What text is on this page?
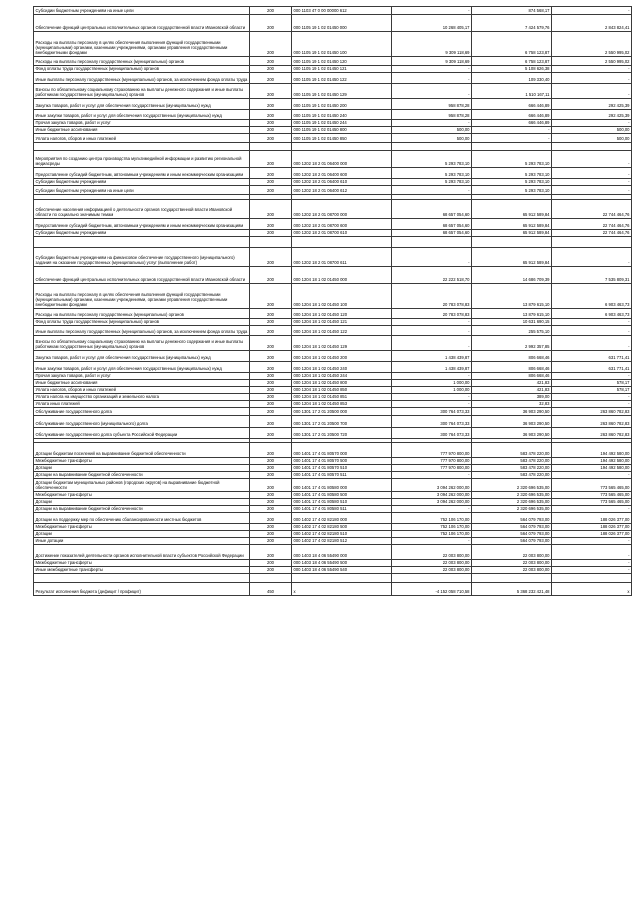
Субсидии бюджетным учреждениям на иные цели	200	000 1103 47 0 00 00000 612	-	874 568,17	-
Обеспечение функций центральных исполнительных органов государственной власти Ивановской области	200	000 1105 19 1 02 01450 000	10 268 405,17	7 424 579,76	2 843 824,41
Расходы на выплаты персоналу в целях обеспечения выполнения функций государственными (муниципальными) органами, казенными учреждениями, органами управления государственными внебюджетными фондами	200	000 1105 19 1 02 01450 100	9 309 118,69	6 758 123,87	2 550 995,02
Расходы на выплаты персоналу государственных (муниципальных) органов	200	000 1105 19 1 02 01450 120	9 309 118,69	6 758 123,87	2 550 995,02
Фонд оплаты труда государственных (муниципальных) органов	200	000 1105 19 1 02 01450 121	-	5 108 626,38	-
Иные выплаты персоналу государственных (муниципальных) органов, за исключением фонда оплаты труда	200	000 1105 19 1 02 01450 122	-	109 330,40	-
Взносы по обязательному социальному страхованию на выплаты денежного содержания и иные выплаты работникам государственных (муниципальных) органов	200	000 1105 19 1 02 01450 129	-	1 510 167,11	-
Закупка товаров, работ и услуг для обеспечения государственных (муниципальных) нужд	200	000 1105 19 1 02 01450 200	958 878,28	666 446,89	292 425,39
Иные закупки товаров, работ и услуг для обеспечения государственных (муниципальных) нужд	200	000 1105 19 1 02 01450 240	958 878,28	666 446,89	292 425,39
Прочая закупка товаров, работ и услуг	200	000 1105 19 1 02 01450 244	-	666 446,89	-
Иные бюджетные ассигнования	200	000 1105 19 1 02 01450 800	500,00	-	500,00
Уплата налогов, сборов и иных платежей	200	000 1105 19 1 02 01450 850	500,00	-	500,00

Мероприятия по созданию центра производства мультимедийной информации и развитию региональной медиасреды	200	000 1202 18 2 01 06400 000	5 293 783,10	5 293 783,10	-
Предоставление субсидий бюджетным, автономным учреждениям и иным некоммерческим организациям	200	000 1202 18 2 01 06400 600	5 293 783,10	5 293 783,10	-
Субсидии бюджетным учреждениям	200	000 1202 18 2 01 06400 610	5 293 783,10	5 293 783,10	-
Субсидии бюджетным учреждениям на иные цели	200	000 1202 18 2 01 06400 612	-	5 293 783,10	-

Обеспечение населения информацией о деятельности органов государственной власти Ивановской области по социально значимым темам	200	000 1202 18 2 01 08700 000	68 657 054,60	65 912 589,84	22 744 464,76
Предоставление субсидий бюджетным, автономным учреждениям и иным некоммерческим организациям	200	000 1202 18 2 01 08700 600	68 657 054,60	65 912 589,84	22 744 464,76
Субсидии бюджетным учреждениям	200	000 1202 18 2 01 08700 610	68 657 054,60	65 912 589,84	22 744 464,76

Субсидии бюджетным учреждениям на финансовое обеспечение государственного (муниципального) задания на оказание государственных (муниципальных) услуг (выполнение работ)	200	000 1202 18 2 01 08700 611	-	65 912 589,84	-
Обеспечение функций центральных исполнительных органов государственной власти Ивановской области	200	000 1204 18 1 02 01450 000	22 222 518,70	14 686 709,39	7 535 809,31
Расходы на выплаты персоналу в целях обеспечения выполнения функций государственными (муниципальными) органами, казенными учреждениями, органами управления государственными внебюджетными фондами	200	000 1204 18 1 02 01450 100	20 783 078,83	13 879 615,10	6 903 463,73
Расходы на выплаты персоналу государственных (муниципальных) органов	200	000 1204 18 1 02 01450 120	20 783 078,83	13 879 615,10	6 903 463,73
Фонд оплаты труда государственных (муниципальных) органов	200	000 1204 18 1 02 01450 121	-	10 631 690,15	-
Иные выплаты персоналу государственных (муниципальных) органов, за исключением фонда оплаты труда	200	000 1204 18 1 02 01450 122	-	255 575,10	-
Взносы по обязательному социальному страхованию на выплаты денежного содержания и иные выплаты работникам государственных (муниципальных) органов	200	000 1204 18 1 02 01450 129	-	2 992 357,85	-
Закупка товаров, работ и услуг для обеспечения государственных (муниципальных) нужд	200	000 1204 18 1 02 01450 200	1 438 439,87	806 668,46	631 771,41
Иные закупки товаров, работ и услуг для обеспечения государственных (муниципальных) нужд	200	000 1204 18 1 02 01450 240	1 438 439,87	806 668,46	631 771,41
Прочая закупка товаров, работ и услуг	200	000 1204 18 1 02 01450 244	-	806 668,46	-
Иные бюджетные ассигнования	200	000 1204 18 1 02 01450 800	1 000,00	421,83	578,17
Уплата налогов, сборов и иных платежей	200	000 1204 18 1 02 01450 850	1 000,00	421,83	578,17
Уплата налога на имущество организаций и земельного налога	200	000 1204 18 1 02 01450 851	-	389,00	-
Уплата иных платежей	200	000 1204 18 1 02 01450 853	-	32,83	-
Обслуживание государственного долга	200	000 1301 17 2 01 20500 000	300 764 073,33	36 903 290,50	263 860 782,83
Обслуживание государственного (муниципального) долга	200	000 1301 17 2 01 20500 700	300 764 073,33	36 903 290,50	263 860 782,83
Обслуживание государственного долга субъекта Российской Федерации	200	000 1301 17 2 01 20500 720	300 764 073,33	36 903 290,50	263 860 782,83

Дотации бюджетам поселений на выравнивание бюджетной обеспеченности	200	000 1401 17 4 01 80570 000	777 970 800,00	583 478 220,00	194 492 580,00
Межбюджетные трансферты	200	000 1401 17 4 01 80570 500	777 970 800,00	583 478 220,00	194 492 580,00
Дотации	200	000 1401 17 4 01 80570 510	777 970 800,00	583 478 220,00	194 492 580,00
Дотации на выравнивание бюджетной обеспеченности	200	000 1401 17 4 01 80570 511	-	583 478 220,00	-
Дотации бюджетам муниципальных районов (городских округов) на выравнивание бюджетной обеспеченности	200	000 1401 17 4 01 80580 000	3 094 262 000,00	2 320 696 535,00	773 565 465,00
Межбюджетные трансферты	200	000 1401 17 4 01 80580 500	3 094 262 000,00	2 320 696 535,00	773 565 465,00
Дотации	200	000 1401 17 4 01 80580 510	3 094 262 000,00	2 320 696 535,00	773 565 465,00
Дотации на выравнивание бюджетной обеспеченности	200	000 1401 17 4 01 80580 511	-	2 320 696 535,00	-
Дотации на поддержку мер по обеспечению сбалансированности местных бюджетов	200	000 1402 17 4 02 82180 000	752 106 170,00	564 079 793,00	188 026 377,00
Межбюджетные трансферты	200	000 1402 17 4 02 82180 500	752 106 170,00	564 079 793,00	188 026 377,00
Дотации	200	000 1402 17 4 02 82180 510	752 106 170,00	564 079 793,00	188 026 377,00
Иные дотации	200	000 1402 17 4 02 82180 512	-	564 079 793,00	-
Достижение показателей деятельности органов исполнительной власти субъектов Российской Федерации	200	000 1403 18 4 06 55490 000	22 003 800,00	22 003 800,00	-
Межбюджетные трансферты	200	000 1403 18 4 06 55490 500	22 003 800,00	22 003 800,00	-
Иные межбюджетные трансферты	200	000 1403 18 4 06 55490 540	22 003 800,00	22 003 800,00	-

Результат исполнения бюджета (дефицит / профицит)	450	x	-4 152 058 710,58	5 368 232 421,48	x
